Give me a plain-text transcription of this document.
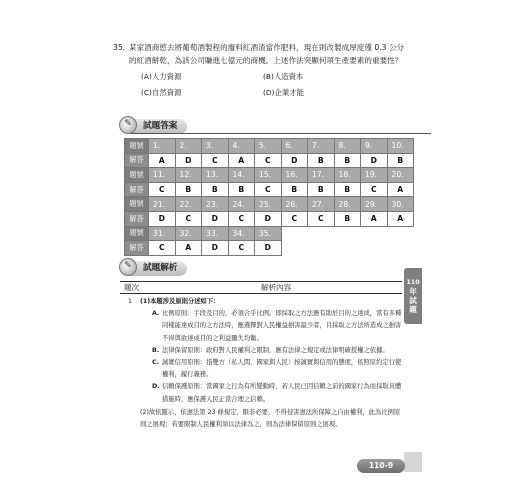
35. 某家酒商慾去將葡萄酒製程的廢料紅酒渣當作肥料，現在則改製成厚度僅 0.3 公分的紅酒餅乾，為該公司賺進七億元的商機。上述作法突顯何項生產要素的重要性？
(A)人力資源	(B)人造資本
(C)自然資源	(D)企業才能
✎	試題答案
題號	1.	2.	3.	4.	5.	6.	7.	8.	9.	10.
解答	A	D	C	A	C	D	B	B	D	B
題號	11.	12.	13.	14.	15.	16.	17.	18.	19.	20.
解答	C	B	B	B	C	B	B	B	C	A
題號	21.	22.	23.	24.	25.	26.	27.	28.	29.	30.
解答	D	C	D	C	D	C	C	B	A	A
題號	31.	32.	33.	34.	35.					
解答	C	A	D	C	D					
✎	試題解析
題次	解析內容
1	(1)本題涉及原則分述如下：
A. 比例原則：手段及目的，必須合乎比例。即採取之方法應有助於目的之達成，當有多種同樣能達成目的之方法時，應選擇對人民權益損害最少者，且採取之方法所造成之損害不得與欲達成目的之利益顯失均衡。
B. 法律保留原則：政府對人民權利之限制，應有法律之規定或法律明確授權之依據。
C. 誠實信用原則：指雙方（私人間、國家與人民）按誠實與信用的態度，依照原約定行使權利，履行義務。
D. 信賴保護原則：當國家之行為有所變動時，若人民已因信賴之前的國家行為而採取具體措施時，應保護人民正當合理之信賴。
(2)故依題示，依憲法第 23 條規定，限非必要，不得侵害憲法所保障之自由權利，此為比例原則之展現；若要限制人民權利須以法律為之，則為法律保留原則之展現。
110
年
試
題
110-9
